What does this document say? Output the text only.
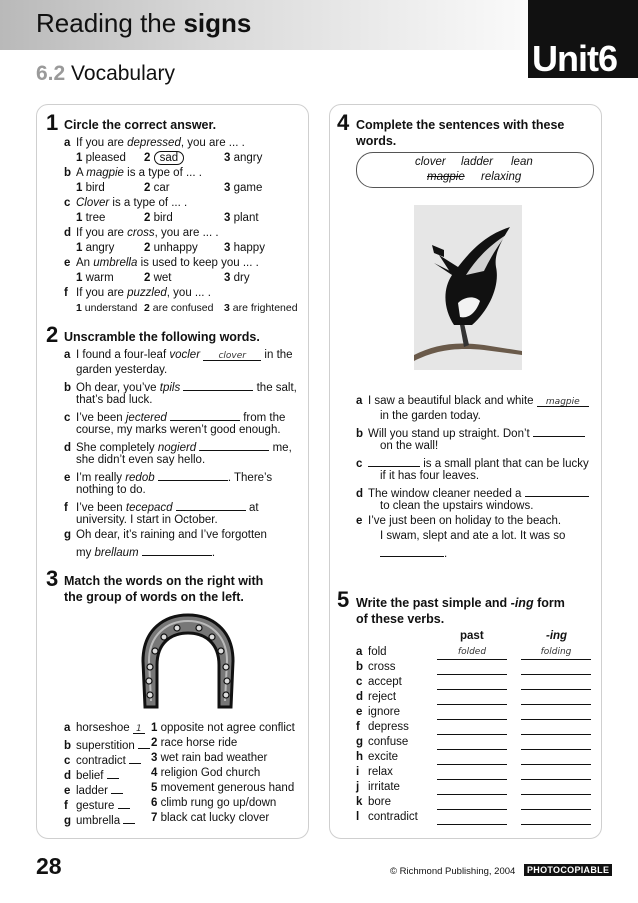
Reading the signs
Unit6
6.2 Vocabulary
1 Circle the correct answer.
a If you are depressed, you are ... .
1 pleased 2 sad	3 angry
b A magpie is a type of ... .
1 bird	2 car	3 game
c Clover is a type of ... .
1 tree	2 bird	3 plant
d If you are cross, you are ... .
1 angry	2 unhappy 3 happy
e An umbrella is used to keep you ... .
1 warm	2 wet	3 dry
f If you are puzzled, you ... .
1 understand 2 are confused 3 are frightened
2 Unscramble the following words.
a I found a four-leaf vocler clover in the
garden yesterday.
b Oh dear, you’ve tpils	the salt,
that’s bad luck.
c I’ve been jectered	from the
course, my marks weren’t good enough.
d She completely nogierd	me,
she didn’t even say hello.
e I’m really redob	. There’s
nothing to do.
f I’ve been tecepacd	at
university. I start in October.
g Oh dear, it’s raining and I’ve forgotten
my brellaum	.
3 Match the words on the right with
the group of words on the left.
a horseshoe 1 1 opposite not agree conflict
b superstition	2 race horse ride
c contradict	3 wet rain bad weather
d belief	4 religion God church
e ladder	5 movement generous hand
f gesture	6 climb rung go up/down
g umbrella	7 black cat lucky clover
4 Complete the sentences with these
words.
clover ladder lean
magpie relaxing
a I saw a beautiful black and white magpie
in the garden today.
b Will you stand up straight. Don’t
on the wall!
c	is a small plant that can be lucky
if it has four leaves.
d The window cleaner needed a
to clean the upstairs windows.
e I’ve just been on holiday to the beach.
I swam, slept and ate a lot. It was so
.
5 Write the past simple and -ing form
of these verbs.
past	-ing
a fold	folded	folding
b cross
c accept
d reject
e ignore
f depress
g confuse
h excite
i relax
j irritate
k bore
l contradict
28	© Richmond Publishing, 2004	PHOTOCOPIABLE
